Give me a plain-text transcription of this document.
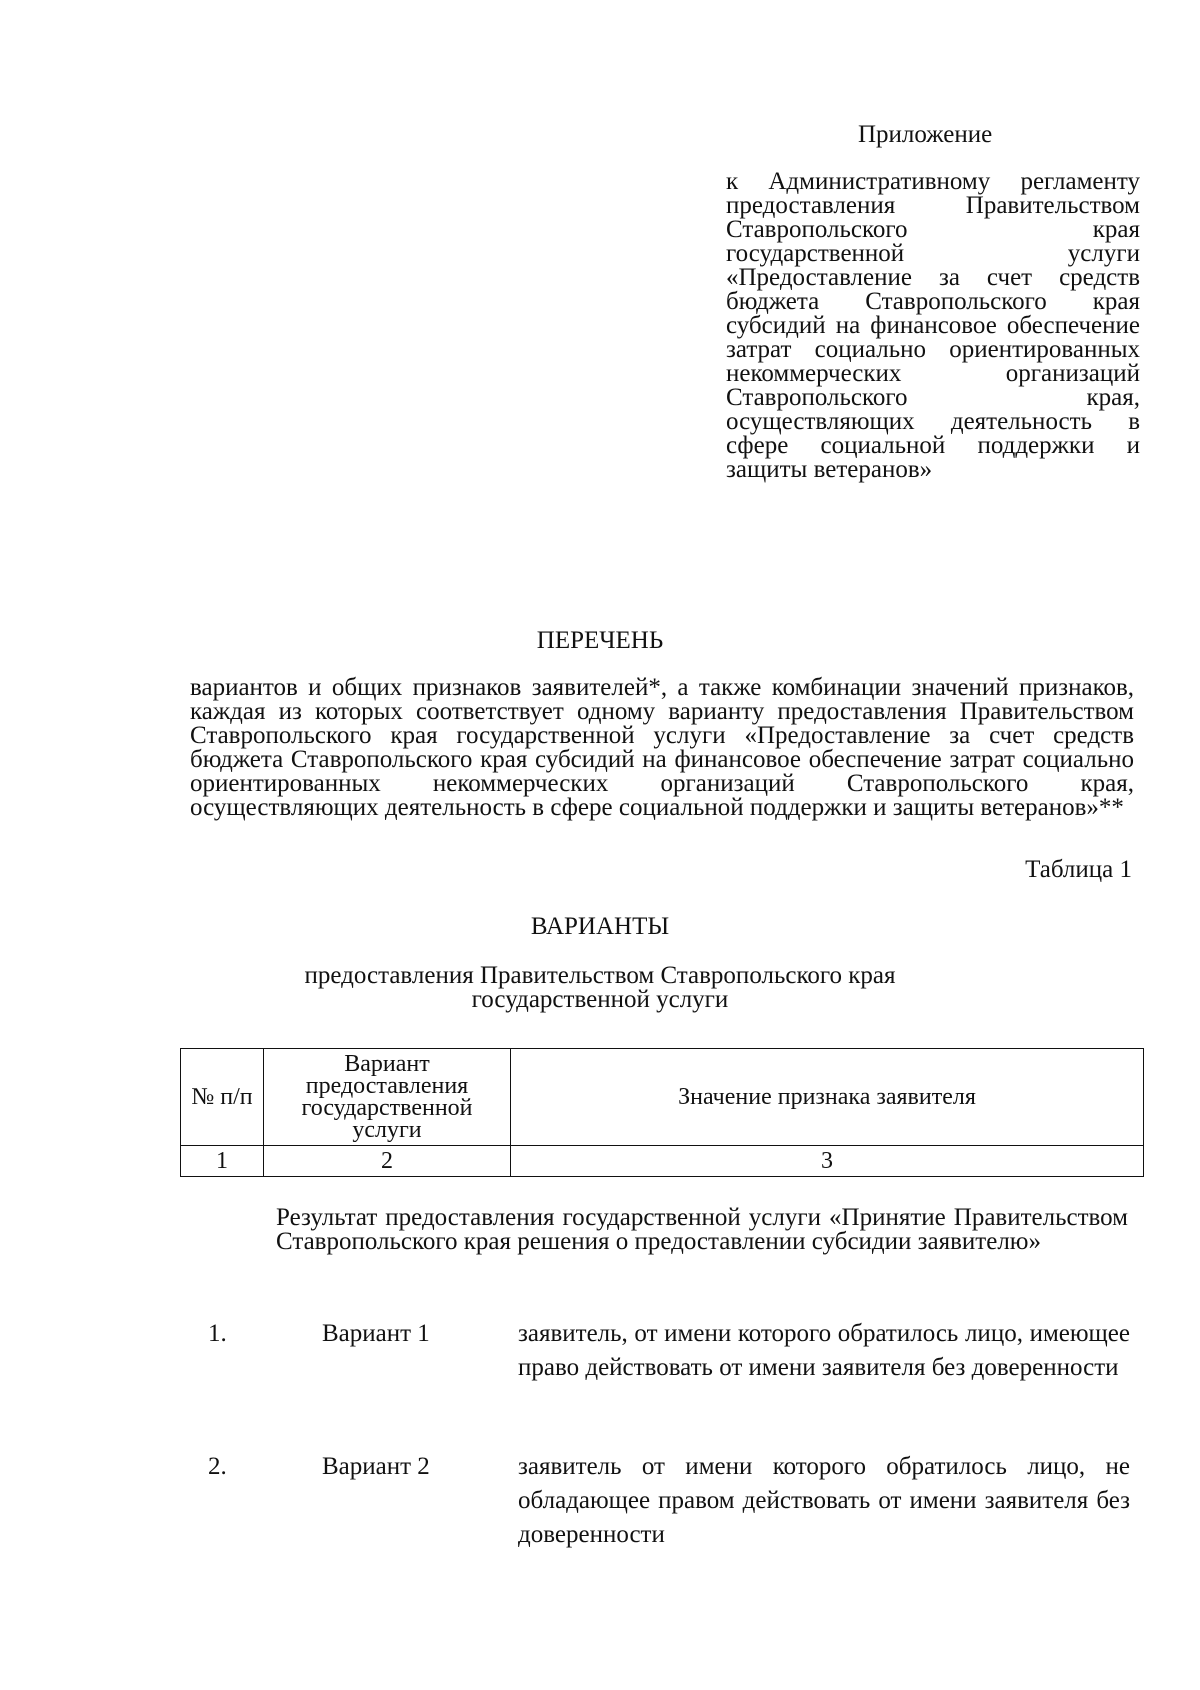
Приложение
к Административному регламенту предоставления Правительством Ставропольского края государственной услуги «Предоставление за счет средств бюджета Ставропольского края субсидий на финансовое обеспечение затрат социально ориентированных некоммерческих организаций Ставропольского края, осуществляющих деятельность в сфере социальной поддержки и защиты ветеранов»
ПЕРЕЧЕНЬ
вариантов и общих признаков заявителей*, а также комбинации значений признаков, каждая из которых соответствует одному варианту предоставления Правительством Ставропольского края государственной услуги «Предоставление за счет средств бюджета Ставропольского края субсидий на финансовое обеспечение затрат социально ориентированных некоммерческих организаций Ставропольского края, осуществляющих деятельность в сфере социальной поддержки и защиты ветеранов»**
Таблица 1
ВАРИАНТЫ
предоставления Правительством Ставропольского края государственной услуги
№ п/п	Вариант предоставления государственной услуги	Значение признака заявителя
1	2	3
Результат предоставления государственной услуги «Принятие Правительством Ставропольского края решения о предоставлении субсидии заявителю»
1.	Вариант 1	заявитель, от имени которого обратилось лицо, имеющее право действовать от имени заявителя без доверенности
2.	Вариант 2	заявитель от имени которого обратилось лицо, не обладающее правом действовать от имени заявителя без доверенности
